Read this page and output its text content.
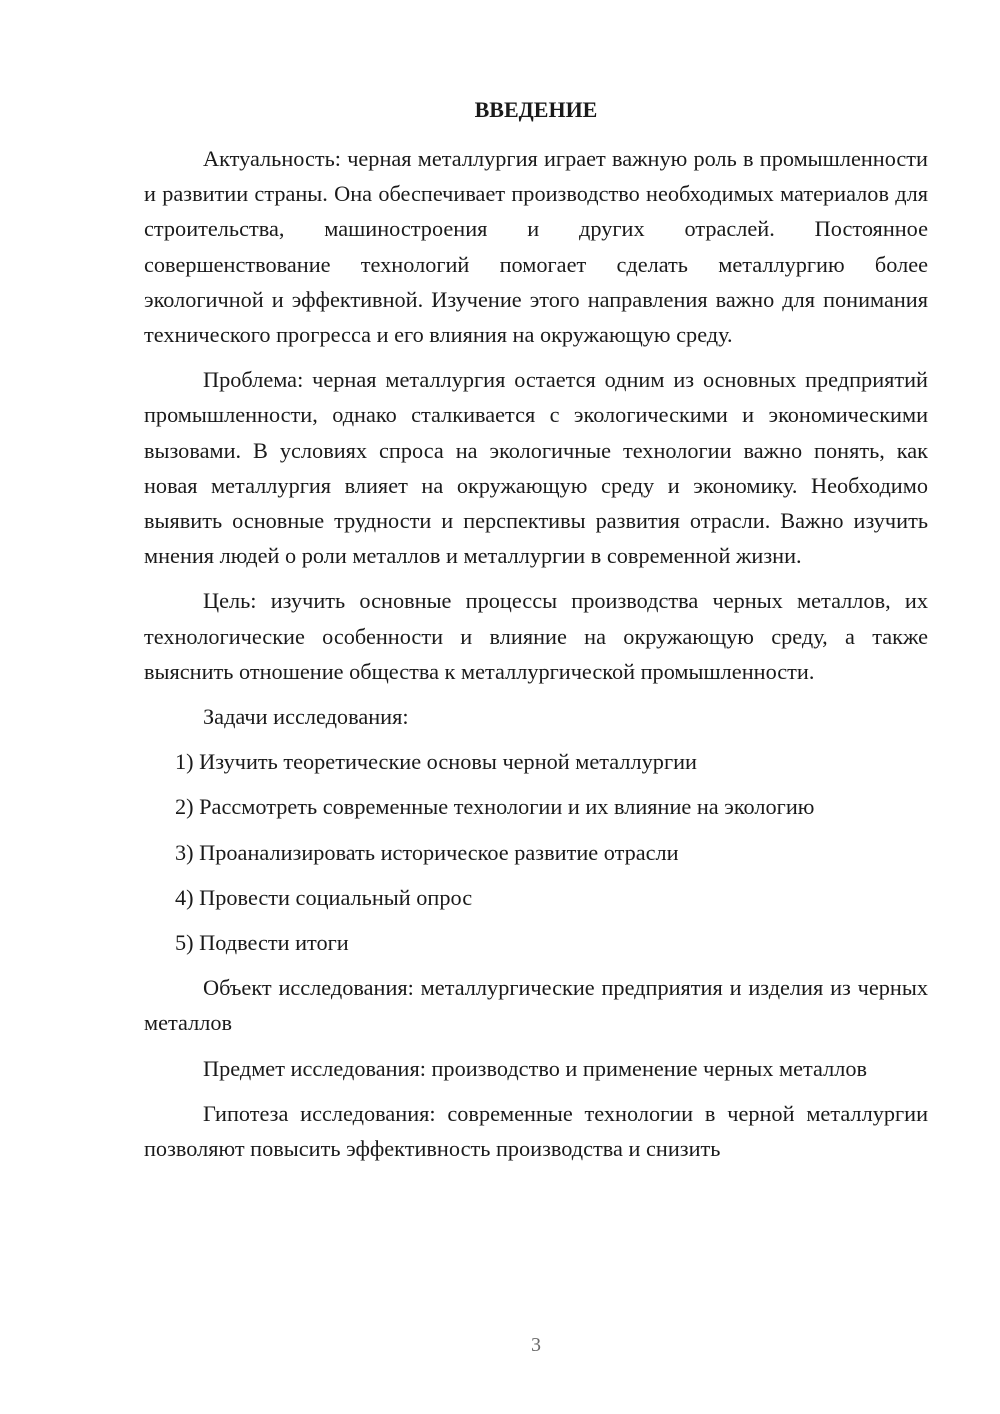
ВВЕДЕНИЕ

Актуальность: черная металлургия играет важную роль в промышленности и развитии страны. Она обеспечивает производство необходимых материалов для строительства, машиностроения и других отраслей. Постоянное совершенствование технологий помогает сделать металлургию более экологичной и эффективной. Изучение этого направления важно для понимания технического прогресса и его влияния на окружающую среду.

Проблема: черная металлургия остается одним из основных предприятий промышленности, однако сталкивается с экологическими и экономическими вызовами. В условиях спроса на экологичные технологии важно понять, как новая металлургия влияет на окружающую среду и экономику. Необходимо выявить основные трудности и перспективы развития отрасли. Важно изучить мнения людей о роли металлов и металлургии в современной жизни.

Цель: изучить основные процессы производства черных металлов, их технологические особенности и влияние на окружающую среду, а также выяснить отношение общества к металлургической промышленности.

Задачи исследования:

1) Изучить теоретические основы черной металлургии
2) Рассмотреть современные технологии и их влияние на экологию
3) Проанализировать историческое развитие отрасли
4) Провести социальный опрос
5) Подвести итоги

Объект исследования: металлургические предприятия и изделия из черных металлов

Предмет исследования: производство и применение черных металлов

Гипотеза исследования: современные технологии в черной металлургии позволяют повысить эффективность производства и снизить

3
